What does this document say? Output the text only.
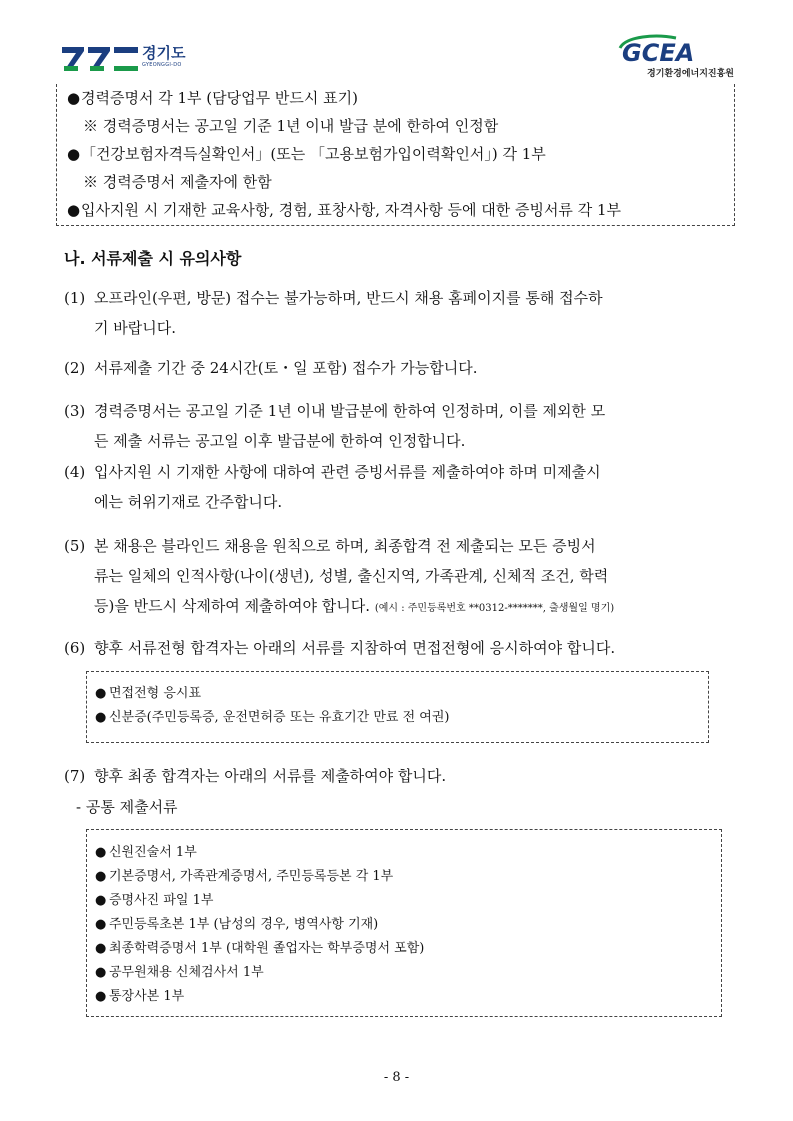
경기도
GYEONGGI-DO	GCEA
경기환경에너지진흥원
●경력증명서 각 1부 (담당업무 반드시 표기)
※ 경력증명서는 공고일 기준 1년 이내 발급 분에 한하여 인정함
●「건강보험자격득실확인서」(또는 「고용보험가입이력확인서」) 각 1부
※ 경력증명서 제출자에 한함
●입사지원 시 기재한 교육사항, 경험, 표창사항, 자격사항 등에 대한 증빙서류 각 1부
나. 서류제출 시 유의사항
(1) 오프라인(우편, 방문) 접수는 불가능하며, 반드시 채용 홈페이지를 통해 접수하
기 바랍니다.
(2) 서류제출 기간 중 24시간(토・일 포함) 접수가 가능합니다.
(3) 경력증명서는 공고일 기준 1년 이내 발급분에 한하여 인정하며, 이를 제외한 모
든 제출 서류는 공고일 이후 발급분에 한하여 인정합니다.
(4) 입사지원 시 기재한 사항에 대하여 관련 증빙서류를 제출하여야 하며 미제출시
에는 허위기재로 간주합니다.
(5) 본 채용은 블라인드 채용을 원칙으로 하며, 최종합격 전 제출되는 모든 증빙서
류는 일체의 인적사항(나이(생년), 성별, 출신지역, 가족관계, 신체적 조건, 학력
등)을 반드시 삭제하여 제출하여야 합니다. (예시 : 주민등록번호 **0312-*******, 출생월일 명기)
(6) 향후 서류전형 합격자는 아래의 서류를 지참하여 면접전형에 응시하여야 합니다.
● 면접전형 응시표
● 신분증(주민등록증, 운전면허증 또는 유효기간 만료 전 여권)
(7) 향후 최종 합격자는 아래의 서류를 제출하여야 합니다.
- 공통 제출서류
● 신원진술서 1부
● 기본증명서, 가족관계증명서, 주민등록등본 각 1부
● 증명사진 파일 1부
● 주민등록초본 1부 (남성의 경우, 병역사항 기재)
● 최종학력증명서 1부 (대학원 졸업자는 학부증명서 포함)
● 공무원채용 신체검사서 1부
● 통장사본 1부
- 8 -
